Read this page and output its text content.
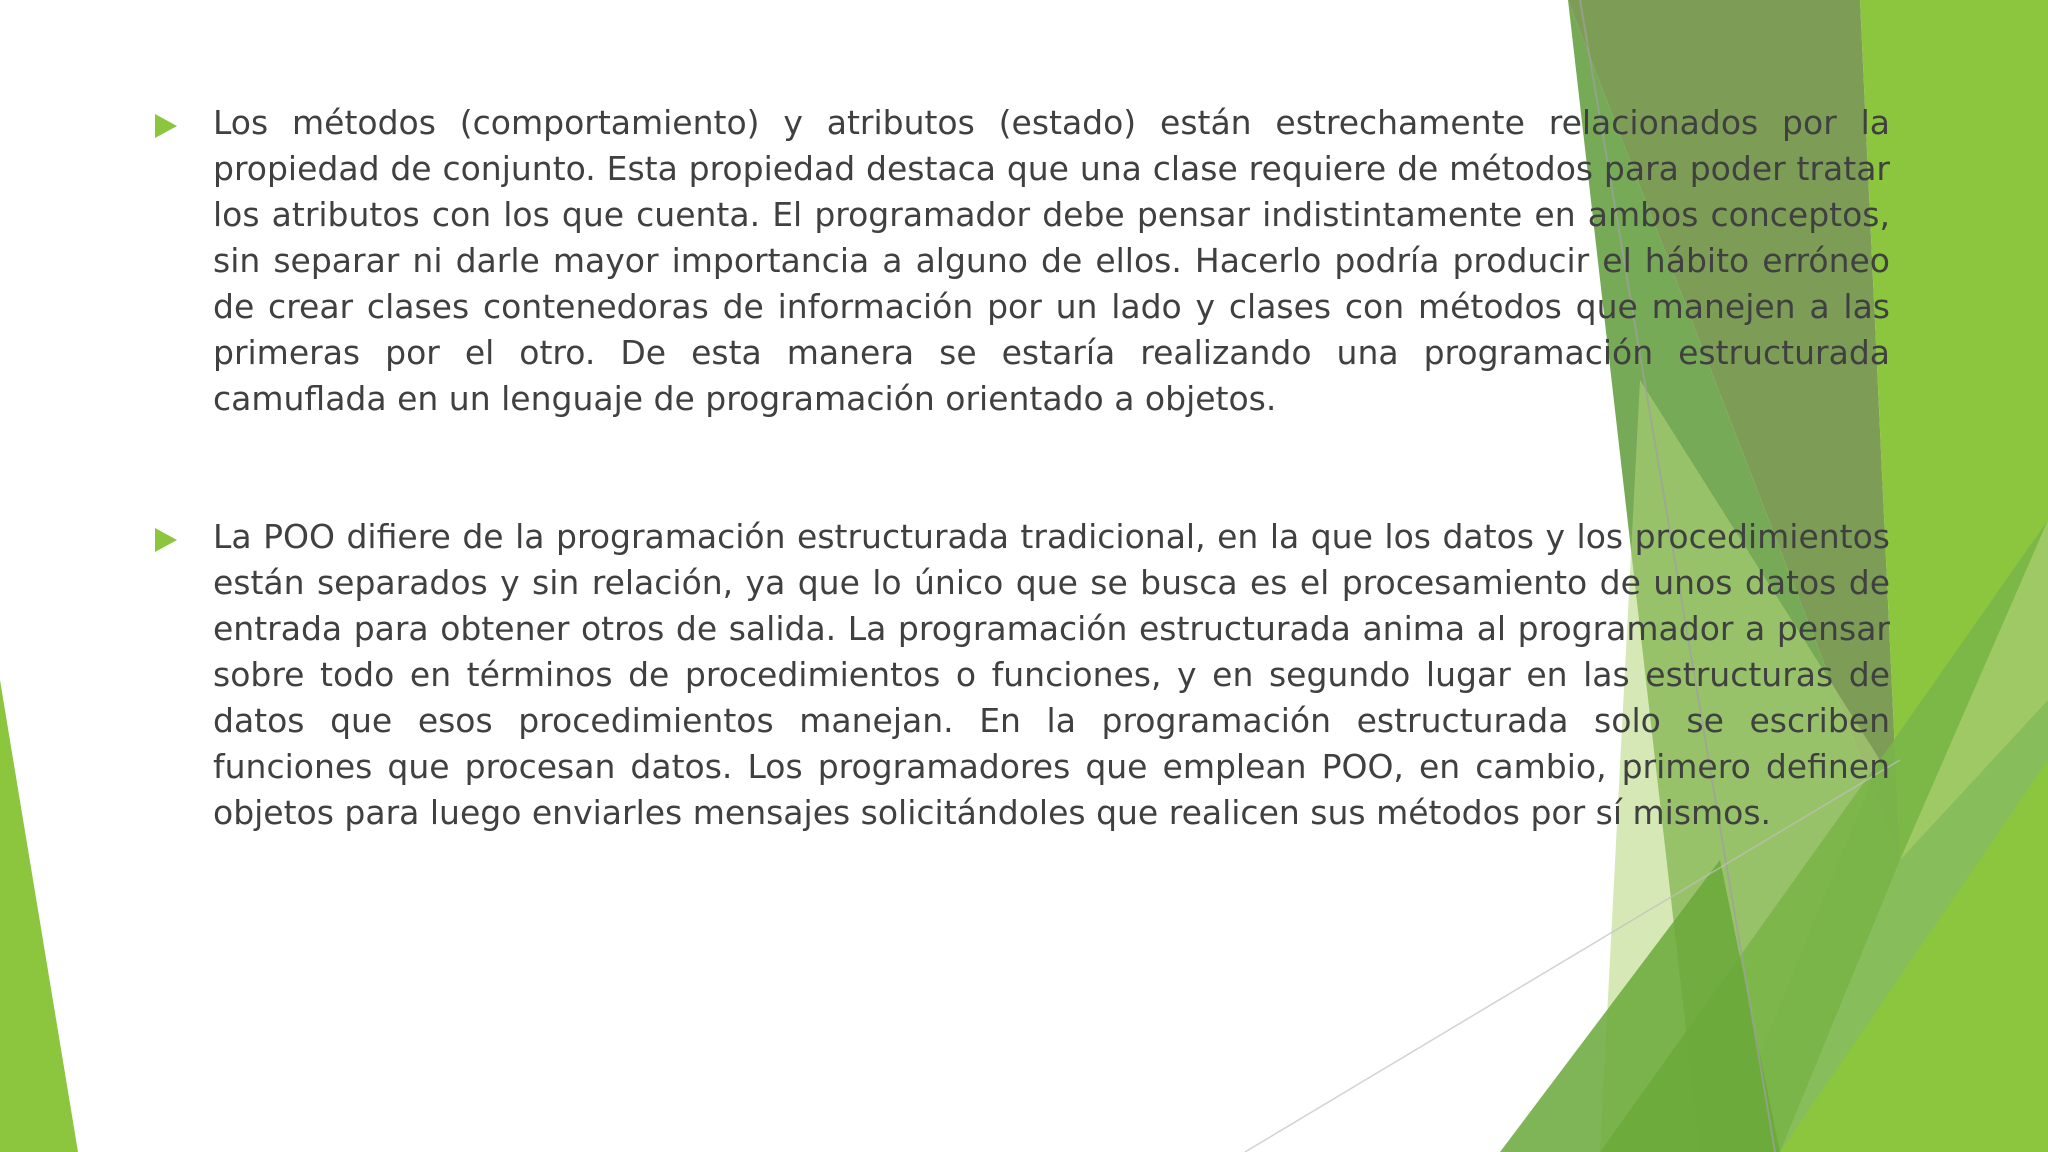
Los métodos (comportamiento) y atributos (estado) están estrechamente relacionados por la propiedad de conjunto. Esta propiedad destaca que una clase requiere de métodos para poder tratar los atributos con los que cuenta. El programador debe pensar indistintamente en ambos conceptos, sin separar ni darle mayor importancia a alguno de ellos. Hacerlo podría producir el hábito erróneo de crear clases contenedoras de información por un lado y clases con métodos que manejen a las primeras por el otro. De esta manera se estaría realizando una programación estructurada camuflada en un lenguaje de programación orientado a objetos.

La POO difiere de la programación estructurada tradicional, en la que los datos y los procedimientos están separados y sin relación, ya que lo único que se busca es el procesamiento de unos datos de entrada para obtener otros de salida. La programación estructurada anima al programador a pensar sobre todo en términos de procedimientos o funciones, y en segundo lugar en las estructuras de datos que esos procedimientos manejan. En la programación estructurada solo se escriben funciones que procesan datos. Los programadores que emplean POO, en cambio, primero definen objetos para luego enviarles mensajes solicitándoles que realicen sus métodos por sí mismos.
